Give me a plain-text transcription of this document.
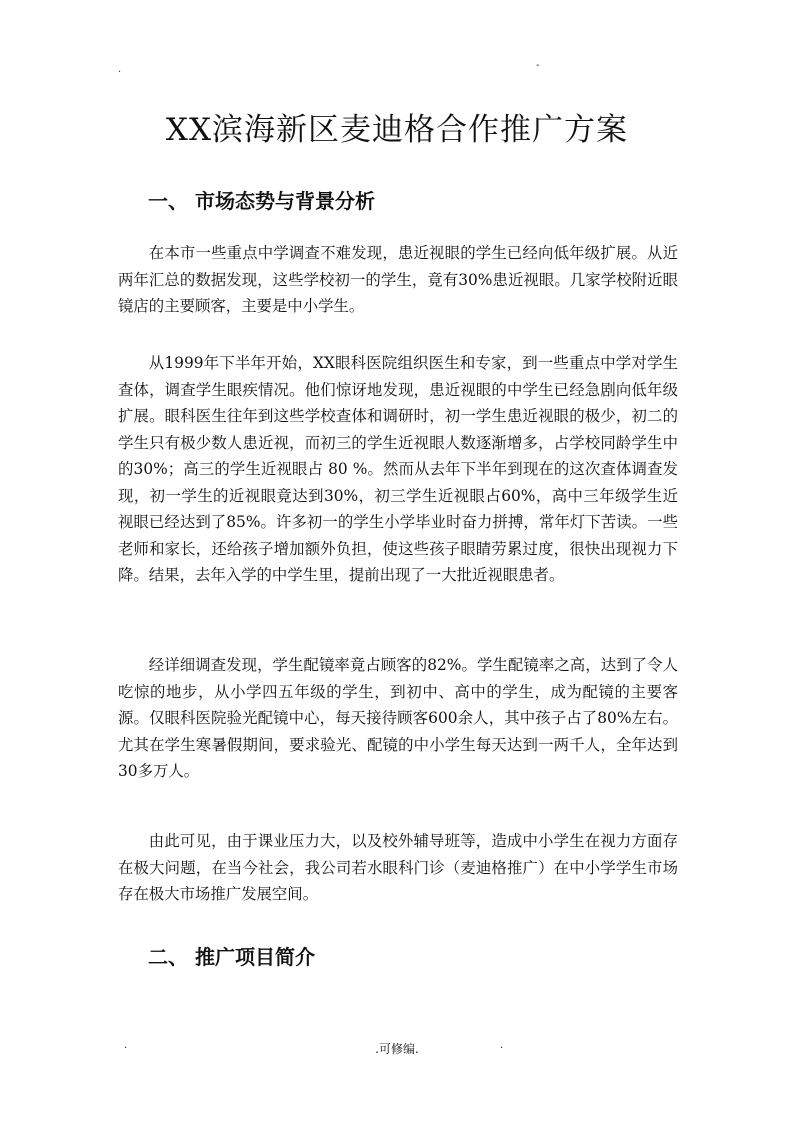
.	-
XX滨海新区麦迪格合作推广方案
一、 市场态势与背景分析

在本市一些重点中学调查不难发现，患近视眼的学生已经向低年级扩展。从近两年汇总的数据发现，这些学校初一的学生，竟有30%患近视眼。几家学校附近眼镜店的主要顾客，主要是中小学生。

从1999年下半年开始，XX眼科医院组织医生和专家，到一些重点中学对学生查体，调查学生眼疾情况。他们惊讶地发现，患近视眼的中学生已经急剧向低年级扩展。眼科医生往年到这些学校查体和调研时，初一学生患近视眼的极少，初二的学生只有极少数人患近视，而初三的学生近视眼人数逐渐增多，占学校同龄学生中的30%；高三的学生近视眼占 80 %。然而从去年下半年到现在的这次查体调查发现，初一学生的近视眼竟达到30%，初三学生近视眼占60%，高中三年级学生近视眼已经达到了85%。许多初一的学生小学毕业时奋力拼搏，常年灯下苦读。一些老师和家长，还给孩子增加额外负担，使这些孩子眼睛劳累过度，很快出现视力下降。结果，去年入学的中学生里，提前出现了一大批近视眼患者。

经详细调查发现，学生配镜率竟占顾客的82%。学生配镜率之高，达到了令人吃惊的地步，从小学四五年级的学生，到初中、高中的学生，成为配镜的主要客源。仅眼科医院验光配镜中心，每天接待顾客600余人，其中孩子占了80%左右。尤其在学生寒暑假期间，要求验光、配镜的中小学生每天达到一两千人，全年达到30多万人。

由此可见，由于课业压力大，以及校外辅导班等，造成中小学生在视力方面存在极大问题，在当今社会，我公司若水眼科门诊（麦迪格推广）在中小学学生市场存在极大市场推广发展空间。

二、 推广项目简介
.	.可修编.	.
